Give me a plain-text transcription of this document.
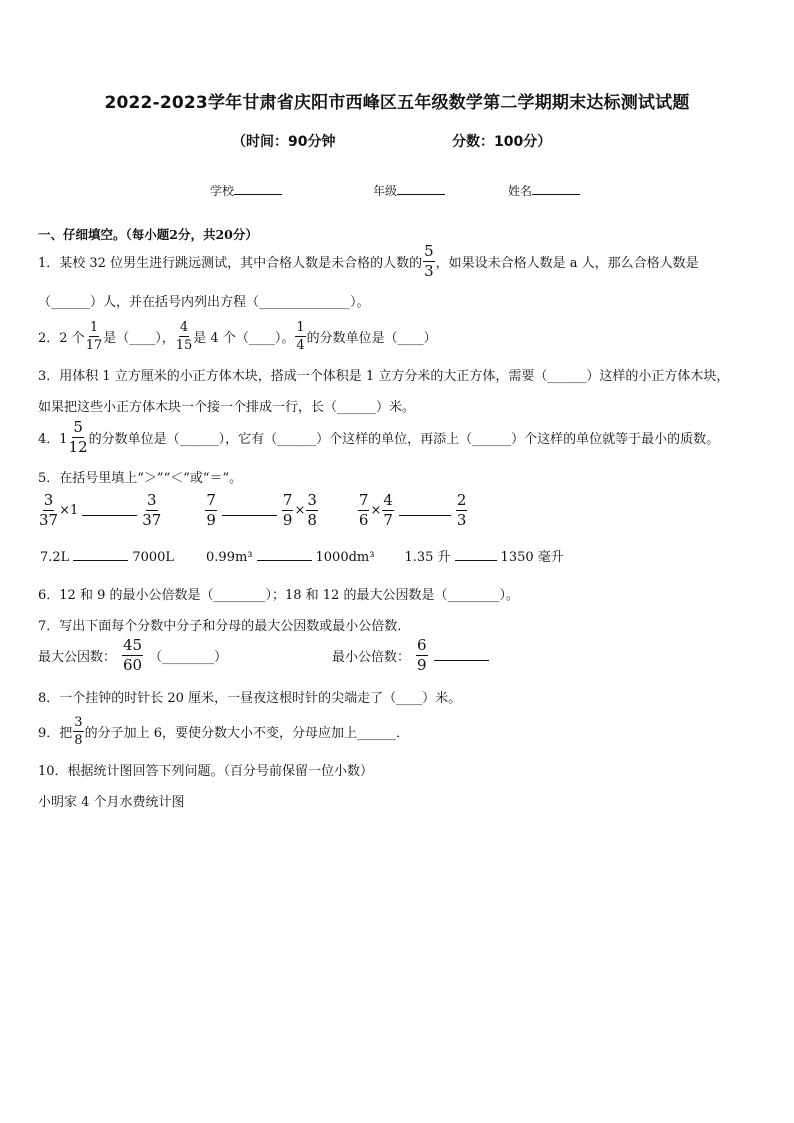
2022-2023学年甘肃省庆阳市西峰区五年级数学第二学期期末达标测试试题
（时间：90分钟	分数：100分）
学校	年级	姓名
一、仔细填空。（每小题2分，共20分）
1．某校 32 位男生进行跳远测试，其中合格人数是未合格的人数的 $\frac{5}{3}$ ，如果设未合格人数是 a 人，那么合格人数是
（______）人，并在括号内列出方程（______________）。
2．2 个 $\frac{1}{17}$ 是（____）， $\frac{4}{15}$ 是 4 个（____）。 $\frac{1}{4}$ 的分数单位是（____）
3．用体积 1 立方厘米的小正方体木块，搭成一个体积是 1 立方分米的大正方体，需要（______）这样的小正方体木块，
如果把这些小正方体木块一个接一个排成一行，长（______）米。
4．$1 \frac{5}{12}$ 的分数单位是（______），它有（______）个这样的单位，再添上（______）个这样的单位就等于最小的质数。
5．在括号里填上“＞”“＜”或“＝”。
$\frac{3}{37} \times 1$	$\frac{3}{37}$	$\frac{7}{9}$	$\frac{7}{9} \times \frac{3}{8}$	$\frac{7}{6} \times \frac{4}{7}$	$\frac{2}{3}$
7.2L	7000L 0.99m³	1000dm³ 1.35 升	1350 毫升
6．12 和 9 的最小公倍数是（________）；18 和 12 的最大公因数是（________）。
7．写出下面每个分数中分子和分母的最大公因数或最小公倍数．
最大公因数： $\frac{45}{60}$ （________）	最小公倍数： $\frac{6}{9}$
8．一个挂钟的时针长 20 厘米，一昼夜这根时针的尖端走了（____）米。
9．把 $\frac{3}{8}$ 的分子加上 6，要使分数大小不变，分母应加上______．
10．根据统计图回答下列问题。（百分号前保留一位小数）
小明家 4 个月水费统计图
